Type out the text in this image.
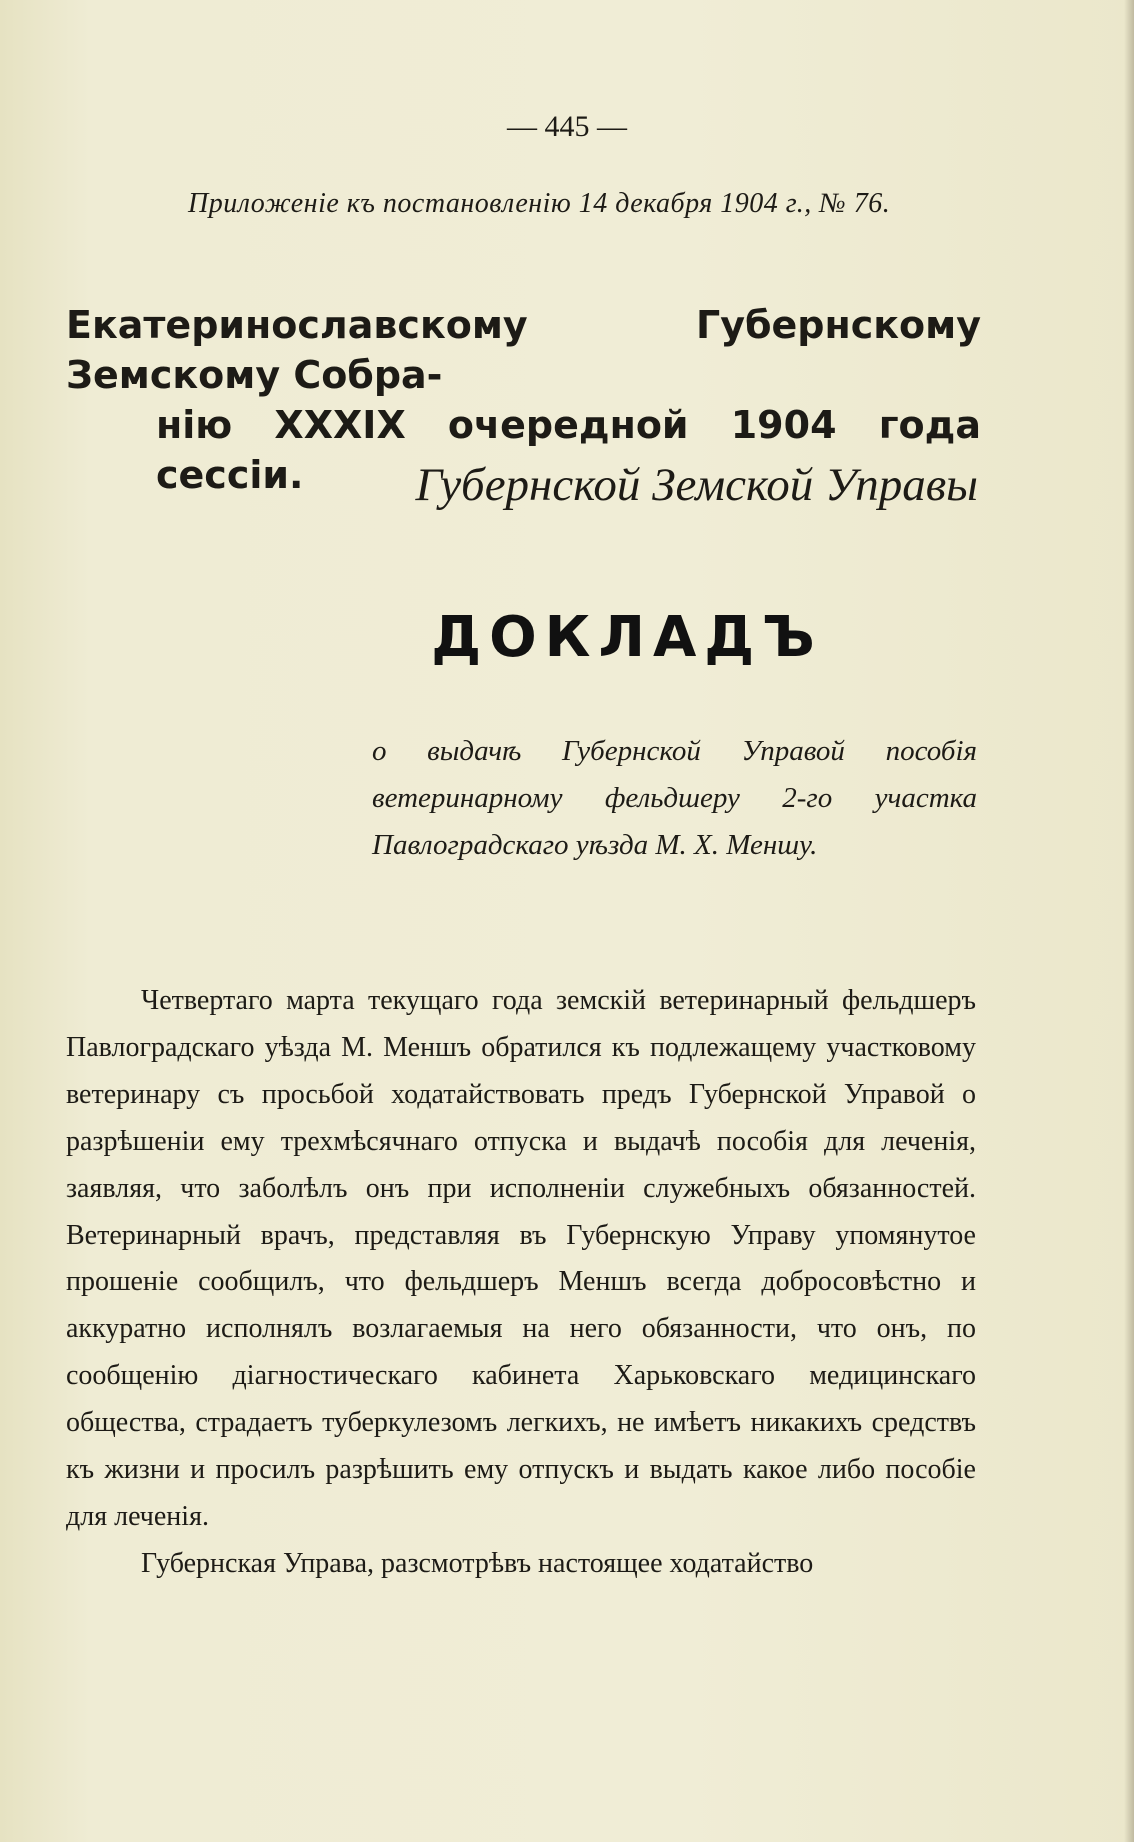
— 445 —
Приложеніе къ постановленію 14 декабря 1904 г., № 76.
Екатеринославскому Губернскому Земскому Собра-
нію XXXIX очередной 1904 года сессіи.	Губернской Земской Управы
ДОКЛАДЪ
о выдачѣ Губернской Управой пособія ветеринарному фельдшеру 2-го участка Павлоградскаго уѣзда М. Х. Меншу.

Четвертаго марта текущаго года земскій ветеринарный фельдшеръ Павлоградскаго уѣзда М. Меншъ обратился къ подлежащему участковому ветеринару съ просьбой ходатайствовать предъ Губернской Управой о разрѣшеніи ему трехмѣсячнаго отпуска и выдачѣ пособія для леченія, заявляя, что заболѣлъ онъ при исполненіи служебныхъ обязанностей. Ветеринарный врачъ, представляя въ Губернскую Управу упомянутое прошеніе сообщилъ, что фельдшеръ Меншъ всегда добросовѣстно и аккуратно исполнялъ возлагаемыя на него обязанности, что онъ, по сообщенію діагностическаго кабинета Харьковскаго медицинскаго общества, страдаетъ туберкулезомъ легкихъ, не имѣетъ никакихъ средствъ къ жизни и просилъ разрѣшить ему отпускъ и выдать какое либо пособіе для леченія.

Губернская Управа, разсмотрѣвъ настоящее ходатайство
